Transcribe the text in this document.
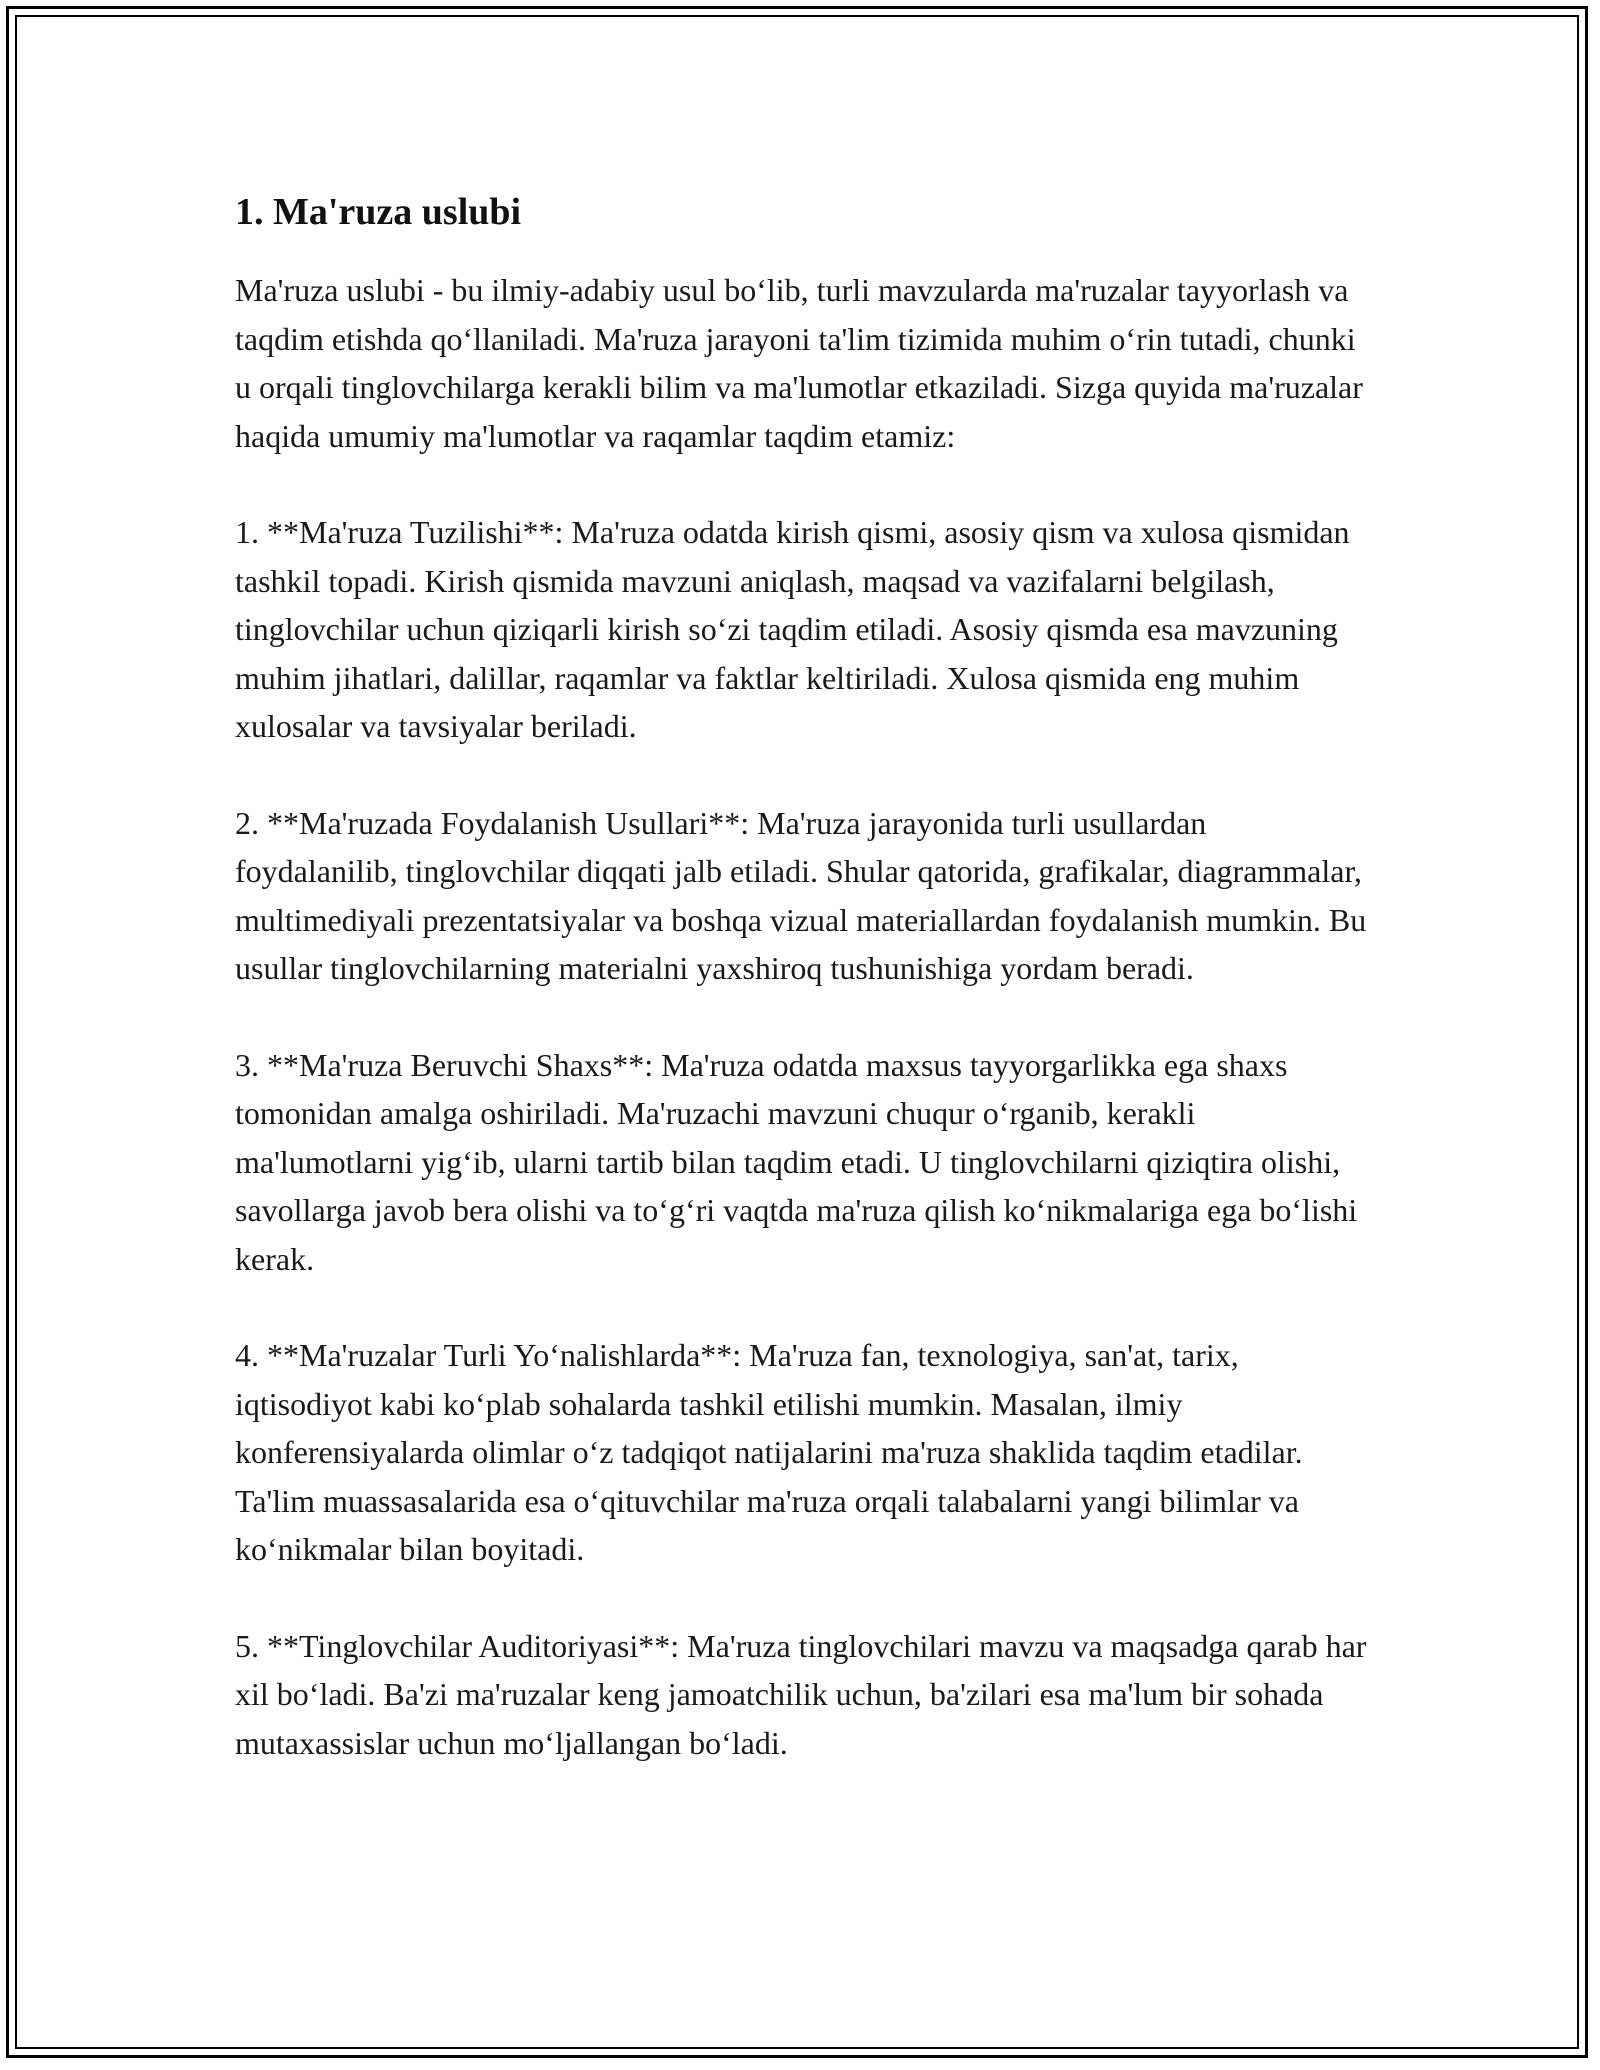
1. Ma'ruza uslubi

Ma'ruza uslubi - bu ilmiy-adabiy usul bo‘lib, turli mavzularda ma'ruzalar tayyorlash va taqdim etishda qo‘llaniladi. Ma'ruza jarayoni ta'lim tizimida muhim o‘rin tutadi, chunki u orqali tinglovchilarga kerakli bilim va ma'lumotlar etkaziladi. Sizga quyida ma'ruzalar haqida umumiy ma'lumotlar va raqamlar taqdim etamiz:

1. **Ma'ruza Tuzilishi**: Ma'ruza odatda kirish qismi, asosiy qism va xulosa qismidan tashkil topadi. Kirish qismida mavzuni aniqlash, maqsad va vazifalarni belgilash, tinglovchilar uchun qiziqarli kirish so‘zi taqdim etiladi. Asosiy qismda esa mavzuning muhim jihatlari, dalillar, raqamlar va faktlar keltiriladi. Xulosa qismida eng muhim xulosalar va tavsiyalar beriladi.

2. **Ma'ruzada Foydalanish Usullari**: Ma'ruza jarayonida turli usullardan foydalanilib, tinglovchilar diqqati jalb etiladi. Shular qatorida, grafikalar, diagrammalar, multimediyali prezentatsiyalar va boshqa vizual materiallardan foydalanish mumkin. Bu usullar tinglovchilarning materialni yaxshiroq tushunishiga yordam beradi.

3. **Ma'ruza Beruvchi Shaxs**: Ma'ruza odatda maxsus tayyorgarlikka ega shaxs tomonidan amalga oshiriladi. Ma'ruzachi mavzuni chuqur o‘rganib, kerakli ma'lumotlarni yig‘ib, ularni tartib bilan taqdim etadi. U tinglovchilarni qiziqtira olishi, savollarga javob bera olishi va to‘g‘ri vaqtda ma'ruza qilish ko‘nikmalariga ega bo‘lishi kerak.

4. **Ma'ruzalar Turli Yo‘nalishlarda**: Ma'ruza fan, texnologiya, san'at, tarix, iqtisodiyot kabi ko‘plab sohalarda tashkil etilishi mumkin. Masalan, ilmiy konferensiyalarda olimlar o‘z tadqiqot natijalarini ma'ruza shaklida taqdim etadilar. Ta'lim muassasalarida esa o‘qituvchilar ma'ruza orqali talabalarni yangi bilimlar va ko‘nikmalar bilan boyitadi.

5. **Tinglovchilar Auditoriyasi**: Ma'ruza tinglovchilari mavzu va maqsadga qarab har xil bo‘ladi. Ba'zi ma'ruzalar keng jamoatchilik uchun, ba'zilari esa ma'lum bir sohada mutaxassislar uchun mo‘ljallangan bo‘ladi.
